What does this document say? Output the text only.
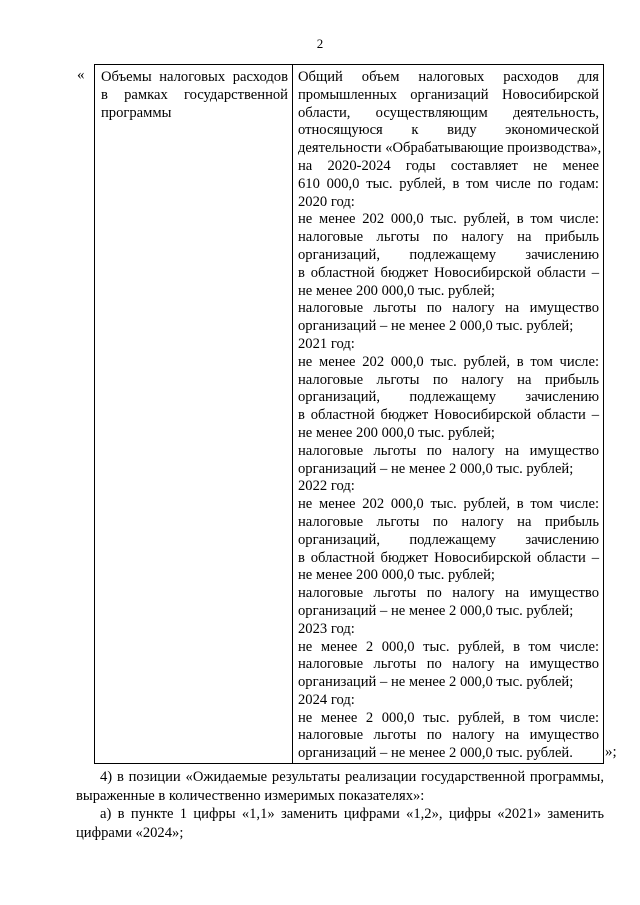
2
« Объемы налоговых расходов в рамках государственной программы
Общий объем налоговых расходов для
промышленных организаций Новосибирской
области, осуществляющим деятельность,
относящуюся к виду экономической
деятельности «Обрабатывающие производства»,
на 2020-2024 годы составляет не менее
610 000,0 тыс. рублей, в том числе по годам:
2020 год:
не менее 202 000,0 тыс. рублей, в том числе:
налоговые льготы по налогу на прибыль
организаций, подлежащему зачислению
в областной бюджет Новосибирской области –
не менее 200 000,0 тыс. рублей;
налоговые льготы по налогу на имущество
организаций – не менее 2 000,0 тыс. рублей;
2021 год:
не менее 202 000,0 тыс. рублей, в том числе:
налоговые льготы по налогу на прибыль
организаций, подлежащему зачислению
в областной бюджет Новосибирской области –
не менее 200 000,0 тыс. рублей;
налоговые льготы по налогу на имущество
организаций – не менее 2 000,0 тыс. рублей;
2022 год:
не менее 202 000,0 тыс. рублей, в том числе:
налоговые льготы по налогу на прибыль
организаций, подлежащему зачислению
в областной бюджет Новосибирской области –
не менее 200 000,0 тыс. рублей;
налоговые льготы по налогу на имущество
организаций – не менее 2 000,0 тыс. рублей;
2023 год:
не менее 2 000,0 тыс. рублей, в том числе:
налоговые льготы по налогу на имущество
организаций – не менее 2 000,0 тыс. рублей;
2024 год:
не менее 2 000,0 тыс. рублей, в том числе:
налоговые льготы по налогу на имущество
организаций – не менее 2 000,0 тыс. рублей.	»;

4) в позиции «Ожидаемые результаты реализации государственной программы, выраженные в количественно измеримых показателях»:

а) в пункте 1 цифры «1,1» заменить цифрами «1,2», цифры «2021» заменить цифрами «2024»;
